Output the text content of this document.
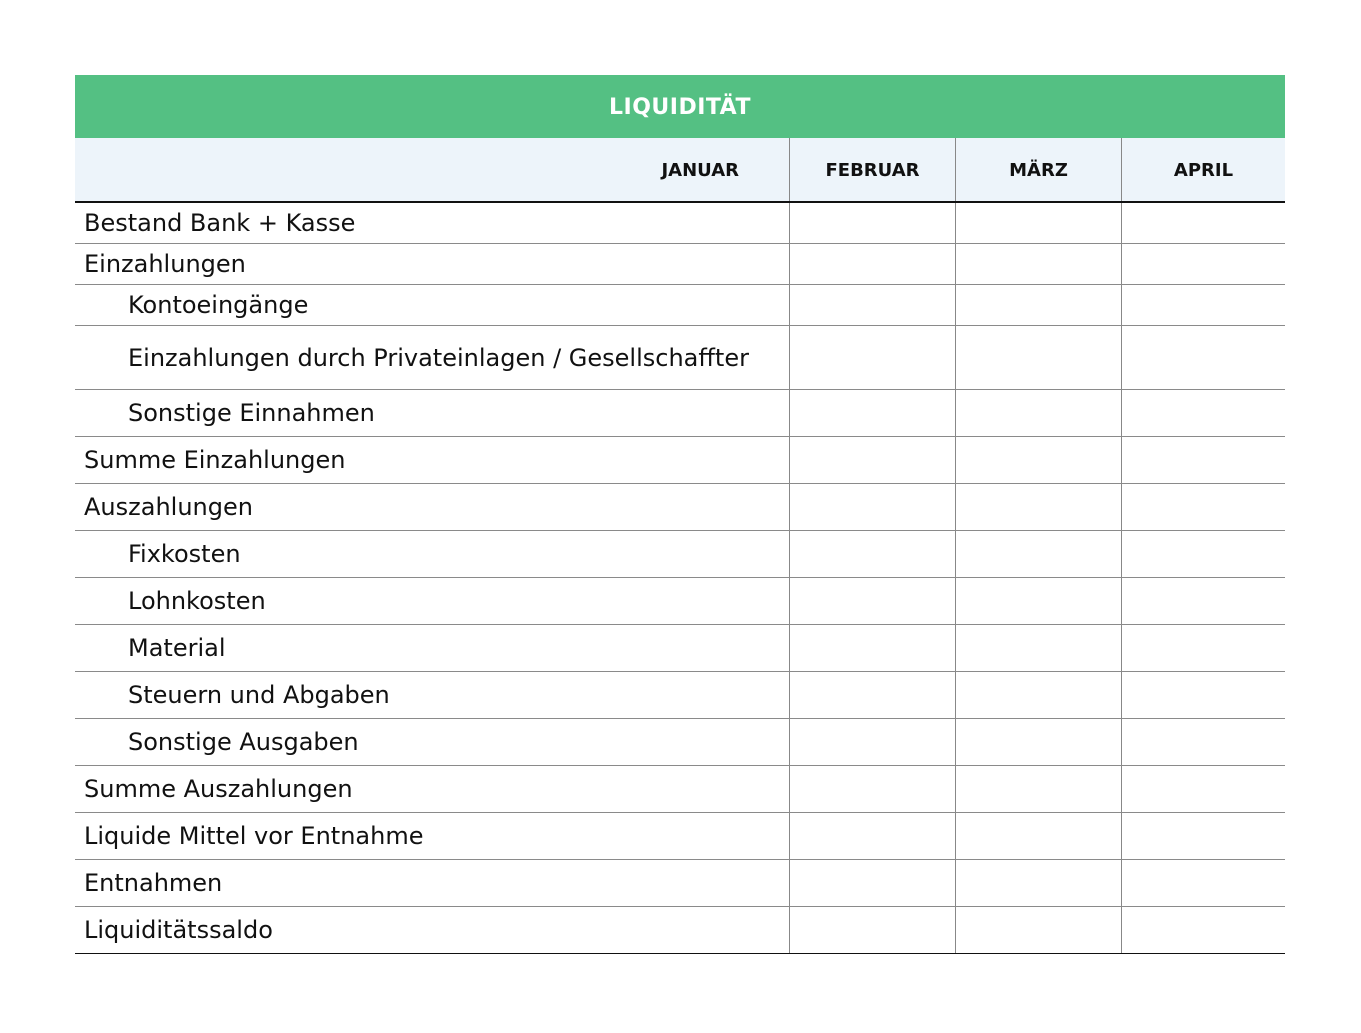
LIQUIDITÄT
JANUAR	FEBRUAR	MÄRZ	APRIL
Bestand Bank + Kasse
Einzahlungen
Kontoeingänge
Einzahlungen durch Privateinlagen / Gesellschaffter
Sonstige Einnahmen
Summe Einzahlungen
Auszahlungen
Fixkosten
Lohnkosten
Material
Steuern und Abgaben
Sonstige Ausgaben
Summe Auszahlungen
Liquide Mittel vor Entnahme
Entnahmen
Liquiditätssaldo
